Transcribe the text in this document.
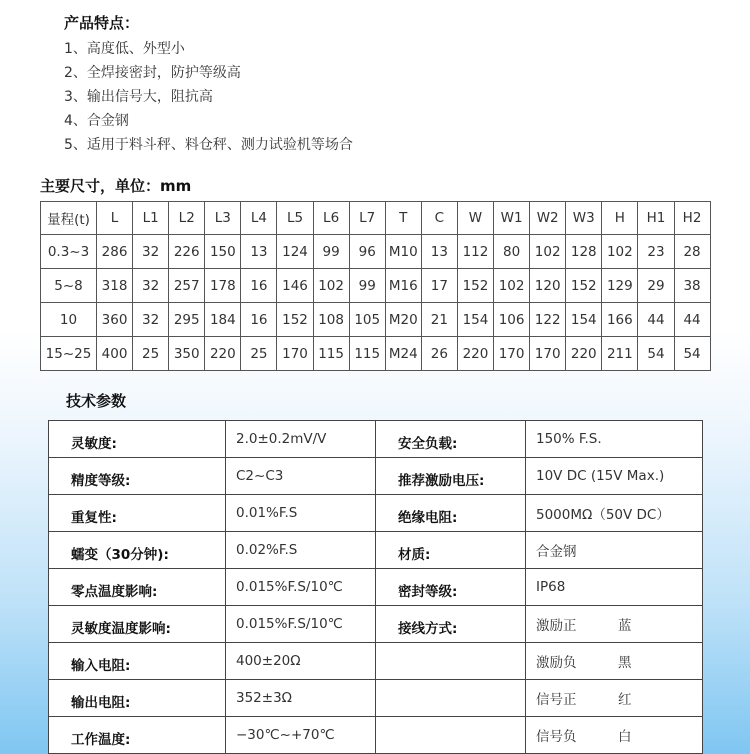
产品特点：
1、高度低、外型小
2、全焊接密封，防护等级高
3、输出信号大，阻抗高
4、合金钢
5、适用于料斗秤、料仓秤、测力试验机等场合
主要尺寸，单位：mm
量程(t)	L	L1	L2	L3	L4	L5	L6	L7	T	C	W	W1	W2	W3	H	H1	H2
0.3~3	286	32	226	150	13	124	99	96	M10	13	112	80	102	128	102	23	28
5~8	318	32	257	178	16	146	102	99	M16	17	152	102	120	152	129	29	38
10	360	32	295	184	16	152	108	105	M20	21	154	106	122	154	166	44	44
15~25	400	25	350	220	25	170	115	115	M24	26	220	170	170	220	211	54	54
技术参数
灵敏度:	2.0±0.2mV/V	安全负载:	150% F.S.
精度等级:	C2~C3	推荐激励电压:	10V DC (15V Max.)
重复性:	0.01%F.S	绝缘电阻:	5000MΩ（50V DC）
蠕变（30分钟):	0.02%F.S	材质:	合金钢
零点温度影响:	0.015%F.S/10℃	密封等级:	IP68
灵敏度温度影响:	0.015%F.S/10℃	接线方式:	激励正 蓝
输入电阻:	400±20Ω		激励负 黑
输出电阻:	352±3Ω		信号正 红
工作温度:	−30℃~+70℃		信号负 白
